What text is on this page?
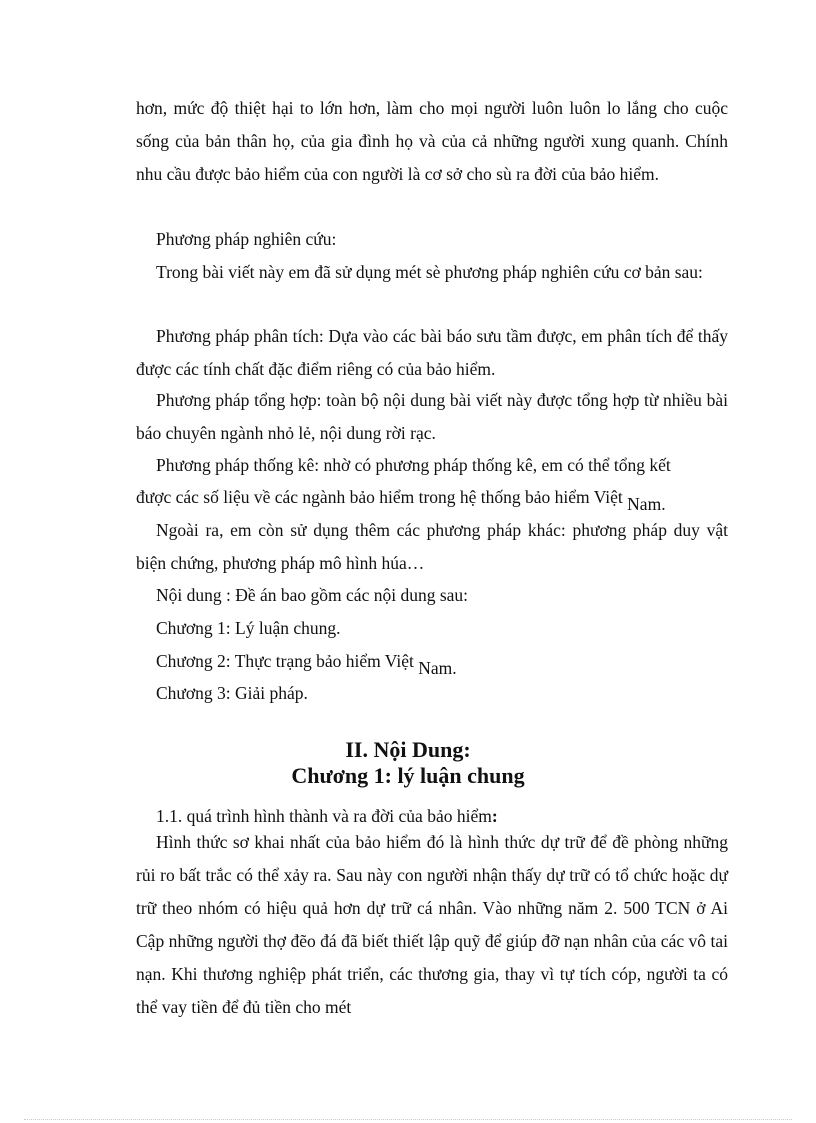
hơn, mức độ thiệt hại to lớn hơn, làm cho mọi người luôn luôn lo lắng cho cuộc sống của bản thân họ, của gia đình họ và của cả những người xung quanh. Chính nhu cầu được bảo hiểm của con người là cơ sở cho sù ra đời của bảo hiểm.

Phương pháp nghiên cứu:

Trong bài viết này em đã sử dụng mét sè phương pháp nghiên cứu cơ bản sau:

Phương pháp phân tích: Dựa vào các bài báo sưu tầm được, em phân tích để thấy được các tính chất đặc điểm riêng có của bảo hiểm.

Phương pháp tổng hợp: toàn bộ nội dung bài viết này được tổng hợp từ nhiều bài báo chuyên ngành nhỏ lẻ, nội dung rời rạc.

Phương pháp thống kê: nhờ có phương pháp thống kê, em có thể tổng kết
được các số liệu về các ngành bảo hiểm trong hệ thống bảo hiểm Việt Nam.

Ngoài ra, em còn sử dụng thêm các phương pháp khác: phương pháp duy vật biện chứng, phương pháp mô hình húa…

Nội dung : Đề án bao gồm các nội dung sau:
Chương 1: Lý luận chung.
Chương 2: Thực trạng bảo hiểm Việt Nam.
Chương 3: Giải pháp.
II. Nội Dung:
Chương 1: lý luận chung
1.1. quá trình hình thành và ra đời của bảo hiểm:

Hình thức sơ khai nhất của bảo hiểm đó là hình thức dự trữ để đề phòng những rủi ro bất trắc có thể xảy ra. Sau này con người nhận thấy dự trữ có tổ chức hoặc dự trữ theo nhóm có hiệu quả hơn dự trữ cá nhân. Vào những năm 2. 500 TCN ở Ai Cập những người thợ đẽo đá đã biết thiết lập quỹ để giúp đỡ nạn nhân của các vô tai nạn. Khi thương nghiệp phát triển, các thương gia, thay vì tự tích cóp, người ta có thể vay tiền để đủ tiền cho mét
